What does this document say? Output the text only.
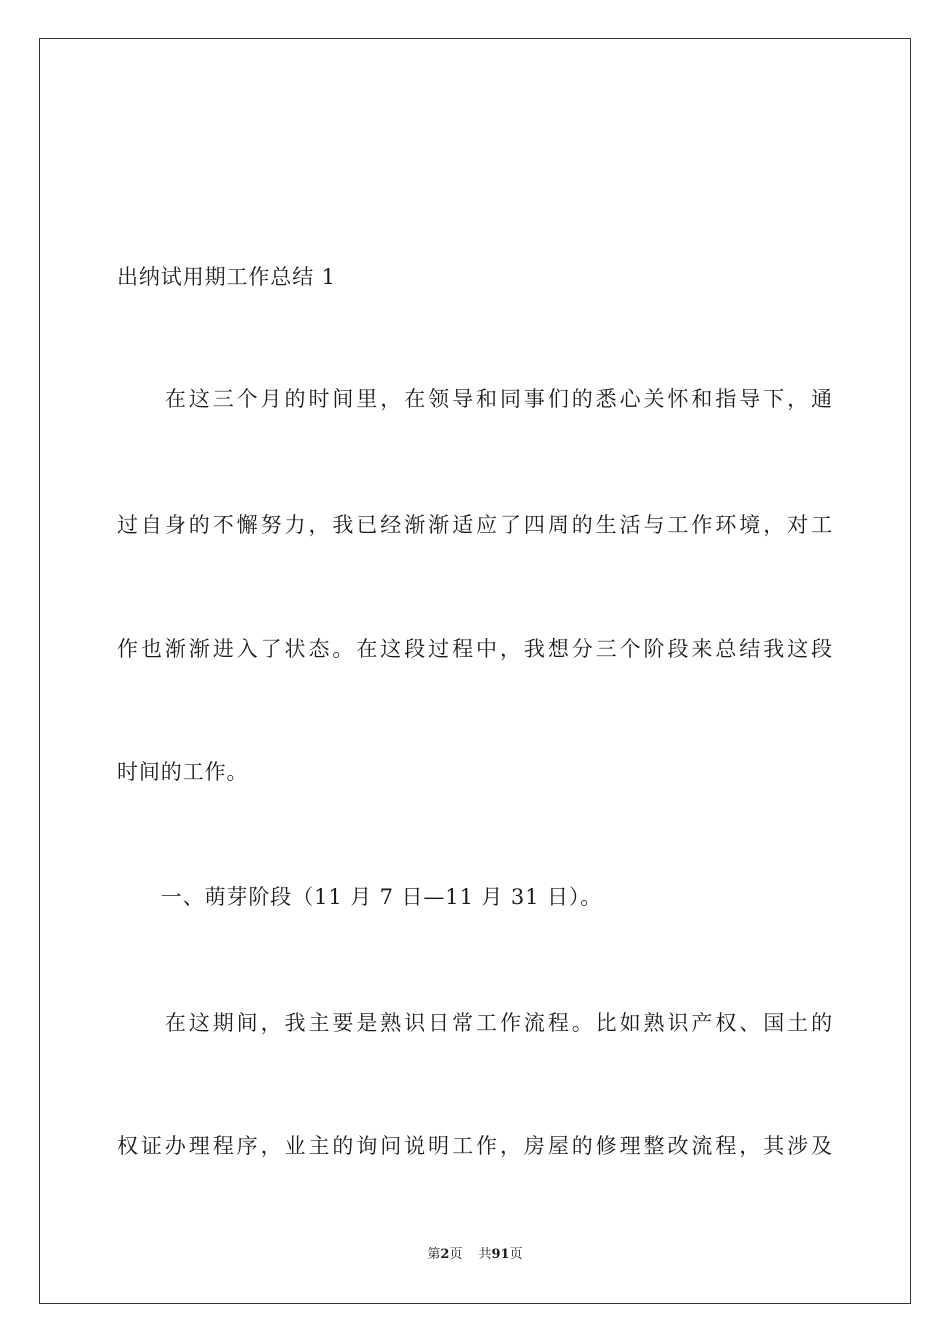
出纳试用期工作总结 1
　　在这三个月的时间里，在领导和同事们的悉心关怀和指导下，通
过自身的不懈努力，我已经渐渐适应了四周的生活与工作环境，对工
作也渐渐进入了状态。在这段过程中，我想分三个阶段来总结我这段
时间的工作。
　　一、萌芽阶段（11 月 7 日—11 月 31 日）。
　　在这期间，我主要是熟识日常工作流程。比如熟识产权、国土的
权证办理程序，业主的询问说明工作，房屋的修理整改流程，其涉及
第2页 共91页
